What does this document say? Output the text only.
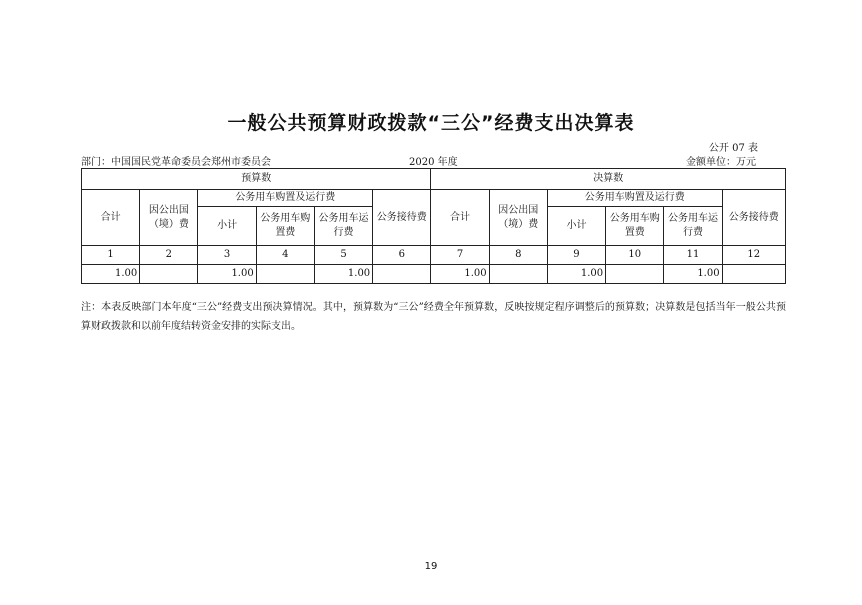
一般公共预算财政拨款“三公”经费支出决算表
公开 07 表
部门：中国国民党革命委员会郑州市委员会	2020 年度	金额单位：万元
预算数						决算数					
合计	因公出国（境）费	公务用车购置及运行费			公务接待费	合计	因公出国（境）费	公务用车购置及运行费			公务接待费
		小计	公务用车购置费	公务用车运行费				小计	公务用车购置费	公务用车运行费	
1	2	3	4	5	6	7	8	9	10	11	12
1.00		1.00		1.00		1.00		1.00		1.00	
注：本表反映部门本年度“三公”经费支出预决算情况。其中，预算数为“三公”经费全年预算数，反映按规定程序调整后的预算数；决算数是包括当年一般公共预算财政拨款和以前年度结转资金安排的实际支出。
19
